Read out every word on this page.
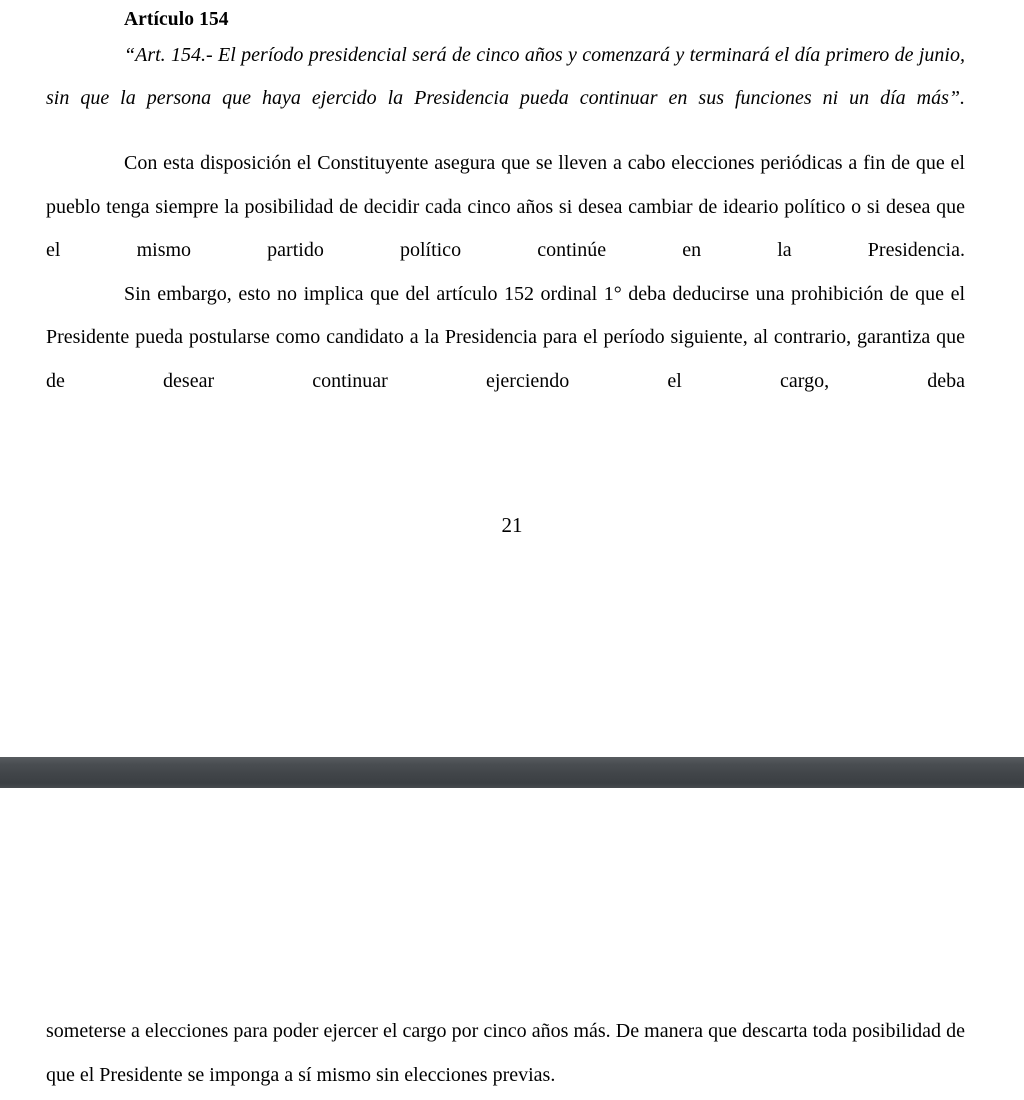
Artículo 154

“Art. 154.- El período presidencial será de cinco años y comenzará y terminará el día primero de junio, sin que la persona que haya ejercido la Presidencia pueda continuar en sus funciones ni un día más”.

Con esta disposición el Constituyente asegura que se lleven a cabo elecciones periódicas a fin de que el pueblo tenga siempre la posibilidad de decidir cada cinco años si desea cambiar de ideario político o si desea que el mismo partido político continúe en la Presidencia.

Sin embargo, esto no implica que del artículo 152 ordinal 1° deba deducirse una prohibición de que el Presidente pueda postularse como candidato a la Presidencia para el período siguiente, al contrario, garantiza que de desear continuar ejerciendo el cargo, deba

21

someterse a elecciones para poder ejercer el cargo por cinco años más. De manera que descarta toda posibilidad de que el Presidente se imponga a sí mismo sin elecciones previas.
